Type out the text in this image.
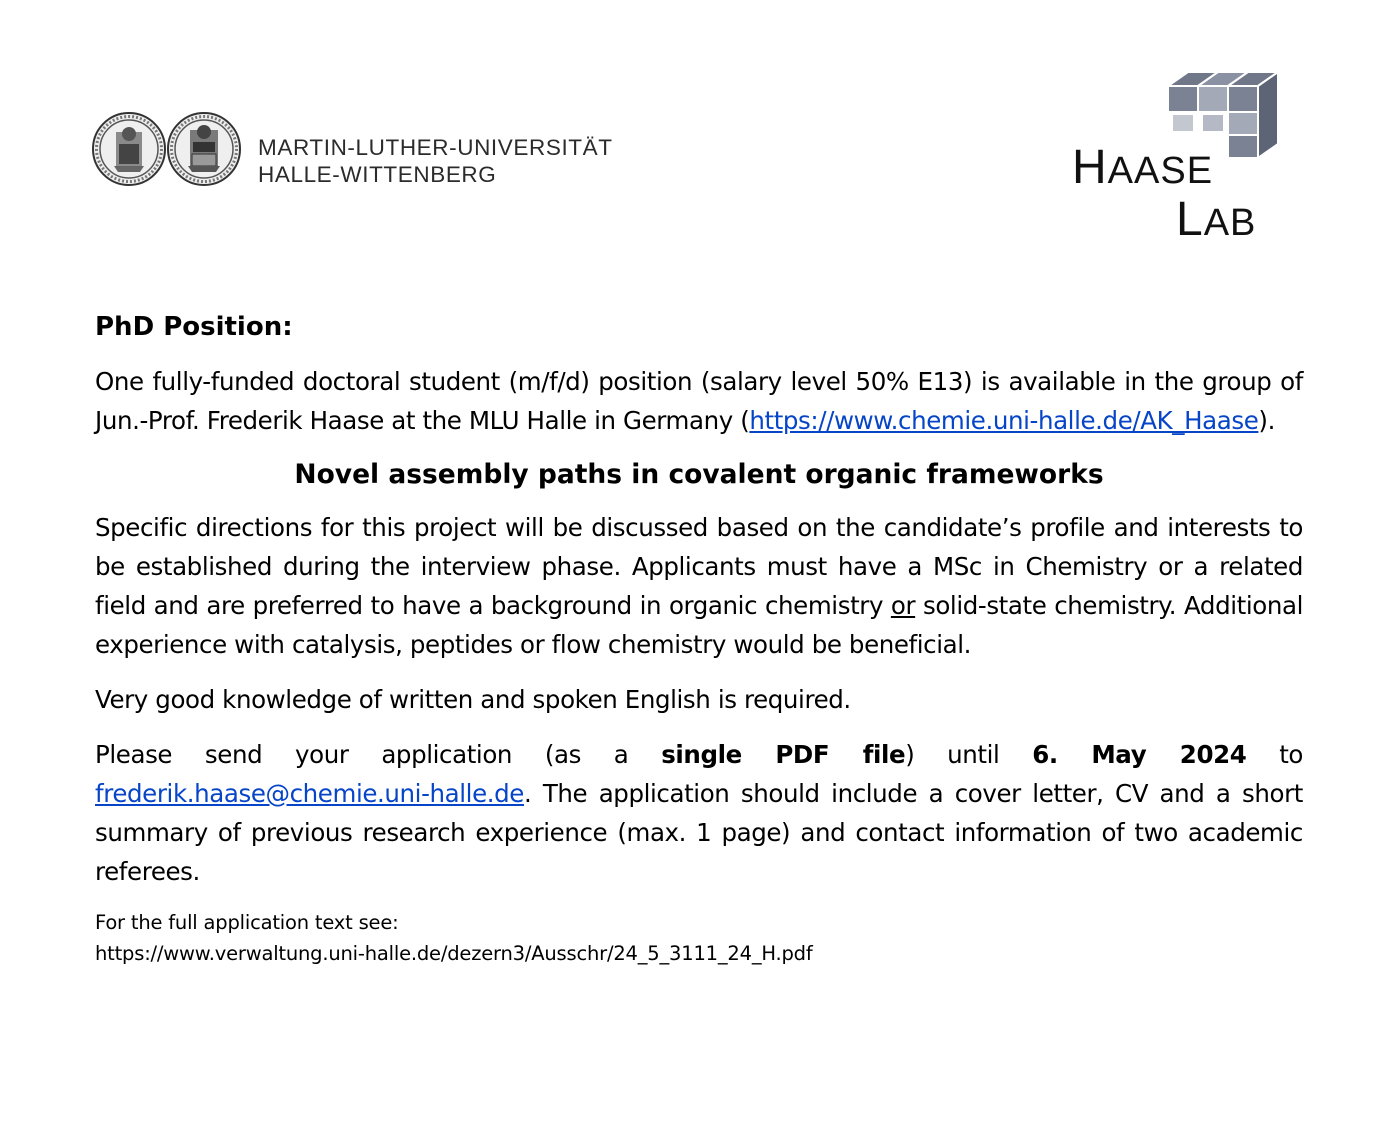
MARTIN-LUTHER-UNIVERSITÄT
HALLE-WITTENBERG	HAASE
LAB
PhD Position:

One fully-funded doctoral student (m/f/d) position (salary level 50% E13) is available in the group of Jun.-Prof. Frederik Haase at the MLU Halle in Germany (https://www.chemie.uni-halle.de/AK_Haase).

Novel assembly paths in covalent organic frameworks

Specific directions for this project will be discussed based on the candidate’s profile and interests to be established during the interview phase. Applicants must have a MSc in Chemistry or a related field and are preferred to have a background in organic chemistry or solid-state chemistry. Additional experience with catalysis, peptides or flow chemistry would be beneficial.

Very good knowledge of written and spoken English is required.

Please send your application (as a single PDF file) until 6. May 2024 to frederik.haase@chemie.uni-halle.de. The application should include a cover letter, CV and a short summary of previous research experience (max. 1 page) and contact information of two academic referees.

For the full application text see:
https://www.verwaltung.uni-halle.de/dezern3/Ausschr/24_5_3111_24_H.pdf
